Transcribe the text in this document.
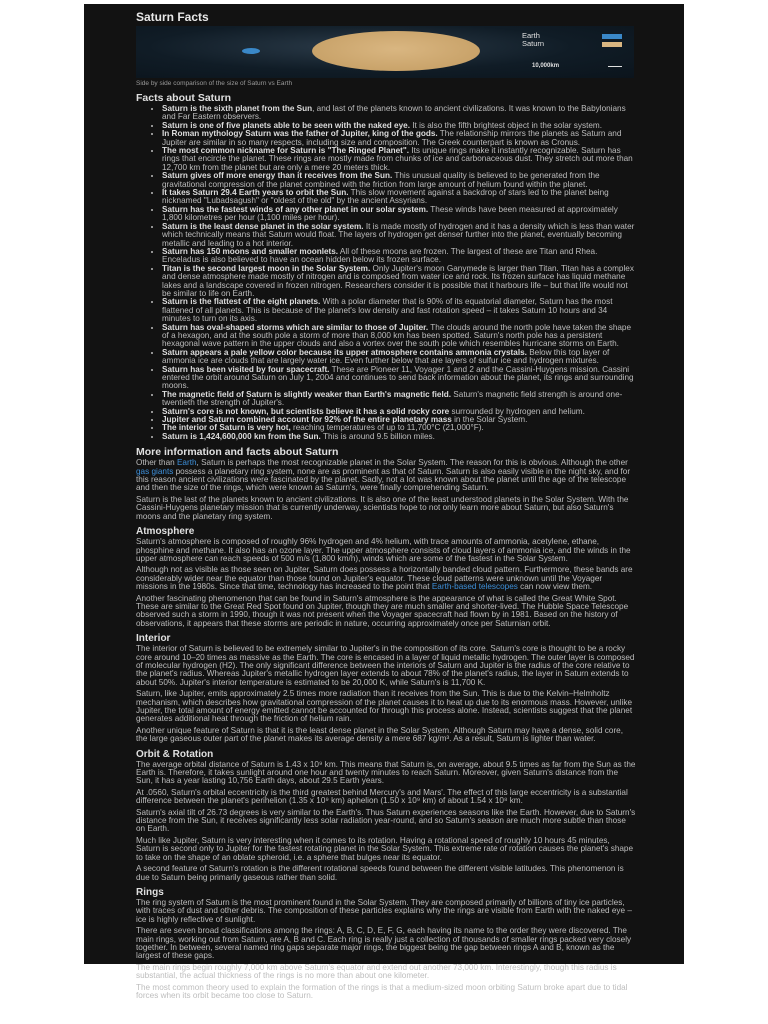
Saturn Facts
Earth
Saturn
10,000km
Side by side comparison of the size of Saturn vs Earth
Facts about Saturn
• Saturn is the sixth planet from the Sun, and last of the planets known to ancient civilizations. It was known to the Babylonians and Far Eastern observers.
• Saturn is one of five planets able to be seen with the naked eye. It is also the fifth brightest object in the solar system.
• In Roman mythology Saturn was the father of Jupiter, king of the gods. The relationship mirrors the planets as Saturn and Jupiter are similar in so many respects, including size and composition. The Greek counterpart is known as Cronus.
• The most common nickname for Saturn is "The Ringed Planet". Its unique rings make it instantly recognizable. Saturn has rings that encircle the planet. These rings are mostly made from chunks of ice and carbonaceous dust. They stretch out more than 12,700 km from the planet but are only a mere 20 meters thick.
• Saturn gives off more energy than it receives from the Sun. This unusual quality is believed to be generated from the gravitational compression of the planet combined with the friction from large amount of helium found within the planet.
• It takes Saturn 29.4 Earth years to orbit the Sun. This slow movement against a backdrop of stars led to the planet being nicknamed "Lubadsagush" or "oldest of the old" by the ancient Assyrians.
• Saturn has the fastest winds of any other planet in our solar system. These winds have been measured at approximately 1,800 kilometres per hour (1,100 miles per hour).
• Saturn is the least dense planet in the solar system. It is made mostly of hydrogen and it has a density which is less than water which technically means that Saturn would float. The layers of hydrogen get denser further into the planet, eventually becoming metallic and leading to a hot interior.
• Saturn has 150 moons and smaller moonlets. All of these moons are frozen. The largest of these are Titan and Rhea. Enceladus is also believed to have an ocean hidden below its frozen surface.
• Titan is the second largest moon in the Solar System. Only Jupiter's moon Ganymede is larger than Titan. Titan has a complex and dense atmosphere made mostly of nitrogen and is composed from water ice and rock. Its frozen surface has liquid methane lakes and a landscape covered in frozen nitrogen. Researchers consider it is possible that it harbours life – but that life would not be similar to life on Earth.
• Saturn is the flattest of the eight planets. With a polar diameter that is 90% of its equatorial diameter, Saturn has the most flattened of all planets. This is because of the planet's low density and fast rotation speed – it takes Saturn 10 hours and 34 minutes to turn on its axis.
• Saturn has oval-shaped storms which are similar to those of Jupiter. The clouds around the north pole have taken the shape of a hexagon, and at the south pole a storm of more than 8,000 km has been spotted. Saturn's north pole has a persistent hexagonal wave pattern in the upper clouds and also a vortex over the south pole which resembles hurricane storms on Earth.
• Saturn appears a pale yellow color because its upper atmosphere contains ammonia crystals. Below this top layer of ammonia ice are clouds that are largely water ice. Even further below that are layers of sulfur ice and hydrogen mixtures.
• Saturn has been visited by four spacecraft. These are Pioneer 11, Voyager 1 and 2 and the Cassini-Huygens mission. Cassini entered the orbit around Saturn on July 1, 2004 and continues to send back information about the planet, its rings and surrounding moons.
• The magnetic field of Saturn is slightly weaker than Earth's magnetic field. Saturn's magnetic field strength is around one-twentieth the strength of Jupiter's.
• Saturn's core is not known, but scientists believe it has a solid rocky core surrounded by hydrogen and helium.
• Jupiter and Saturn combined account for 92% of the entire planetary mass in the Solar System.
• The interior of Saturn is very hot, reaching temperatures of up to 11,700°C (21,000°F).
• Saturn is 1,424,600,000 km from the Sun. This is around 9.5 billion miles.
More information and facts about Saturn

Other than Earth, Saturn is perhaps the most recognizable planet in the Solar System. The reason for this is obvious. Although the other gas giants possess a planetary ring system, none are as prominent as that of Saturn. Saturn is also easily visible in the night sky, and for this reason ancient civilizations were fascinated by the planet. Sadly, not a lot was known about the planet until the age of the telescope and then the size of the rings, which were known as Saturn's, were finally comprehending Saturn.

Saturn is the last of the planets known to ancient civilizations. It is also one of the least understood planets in the Solar System. With the Cassini-Huygens planetary mission that is currently underway, scientists hope to not only learn more about Saturn, but also Saturn's moons and the planetary ring system.

Atmosphere

Saturn's atmosphere is composed of roughly 96% hydrogen and 4% helium, with trace amounts of ammonia, acetylene, ethane, phosphine and methane. It also has an ozone layer. The upper atmosphere consists of cloud layers of ammonia ice, and the winds in the upper atmosphere can reach speeds of 500 m/s (1,800 km/h), winds which are some of the fastest in the Solar System.

Although not as visible as those seen on Jupiter, Saturn does possess a horizontally banded cloud pattern. Furthermore, these bands are considerably wider near the equator than those found on Jupiter's equator. These cloud patterns were unknown until the Voyager missions in the 1980s. Since that time, technology has increased to the point that Earth-based telescopes can now view them.

Another fascinating phenomenon that can be found in Saturn's atmosphere is the appearance of what is called the Great White Spot. These are similar to the Great Red Spot found on Jupiter, though they are much smaller and shorter-lived. The Hubble Space Telescope observed such a storm in 1990, though it was not present when the Voyager spacecraft had flown by in 1981. Based on the history of observations, it appears that these storms are periodic in nature, occurring approximately once per Saturnian orbit.

Interior

The interior of Saturn is believed to be extremely similar to Jupiter's in the composition of its core. Saturn's core is thought to be a rocky core around 10–20 times as massive as the Earth. The core is encased in a layer of liquid metallic hydrogen. The outer layer is composed of molecular hydrogen (H2). The only significant difference between the interiors of Saturn and Jupiter is the radius of the core relative to the planet's radius. Whereas Jupiter's metallic hydrogen layer extends to about 78% of the planet's radius, the layer in Saturn extends to about 50%. Jupiter's interior temperature is estimated to be 20,000 K, while Saturn's is 11,700 K.

Saturn, like Jupiter, emits approximately 2.5 times more radiation than it receives from the Sun. This is due to the Kelvin–Helmholtz mechanism, which describes how gravitational compression of the planet causes it to heat up due to its enormous mass. However, unlike Jupiter, the total amount of energy emitted cannot be accounted for through this process alone. Instead, scientists suggest that the planet generates additional heat through the friction of helium rain.

Another unique feature of Saturn is that it is the least dense planet in the Solar System. Although Saturn may have a dense, solid core, the large gaseous outer part of the planet makes its average density a mere 687 kg/m³. As a result, Saturn is lighter than water.

Orbit & Rotation

The average orbital distance of Saturn is 1.43 x 10⁹ km. This means that Saturn is, on average, about 9.5 times as far from the Sun as the Earth is. Therefore, it takes sunlight around one hour and twenty minutes to reach Saturn. Moreover, given Saturn's distance from the Sun, it has a year lasting 10,756 Earth days, about 29.5 Earth years.

At .0560, Saturn's orbital eccentricity is the third greatest behind Mercury's and Mars'. The effect of this large eccentricity is a substantial difference between the planet's perihelion (1.35 x 10⁹ km) aphelion (1.50 x 10⁹ km) of about 1.54 x 10⁸ km.

Saturn's axial tilt of 26.73 degrees is very similar to the Earth's. Thus Saturn experiences seasons like the Earth. However, due to Saturn's distance from the Sun, it receives significantly less solar radiation year-round, and so Saturn's season are much more subtle than those on Earth.

Much like Jupiter, Saturn is very interesting when it comes to its rotation. Having a rotational speed of roughly 10 hours 45 minutes, Saturn is second only to Jupiter for the fastest rotating planet in the Solar System. This extreme rate of rotation causes the planet's shape to take on the shape of an oblate spheroid, i.e. a sphere that bulges near its equator.

A second feature of Saturn's rotation is the different rotational speeds found between the different visible latitudes. This phenomenon is due to Saturn being primarily gaseous rather than solid.

Rings

The ring system of Saturn is the most prominent found in the Solar System. They are composed primarily of billions of tiny ice particles, with traces of dust and other debris. The composition of these particles explains why the rings are visible from Earth with the naked eye – ice is highly reflective of sunlight.

There are seven broad classifications among the rings: A, B, C, D, E, F, G, each having its name to the order they were discovered. The main rings, working out from Saturn, are A, B and C. Each ring is really just a collection of thousands of smaller rings packed very closely together. In between, several named ring gaps separate major rings, the biggest being the gap between rings A and B, known as the largest of these gaps.

The main rings begin roughly 7,000 km above Saturn's equator and extend out another 73,000 km. Interestingly, though this radius is substantial, the actual thickness of the rings is no more than about one kilometer.

The most common theory used to explain the formation of the rings is that a medium-sized moon orbiting Saturn broke apart due to tidal forces when its orbit became too close to Saturn.
